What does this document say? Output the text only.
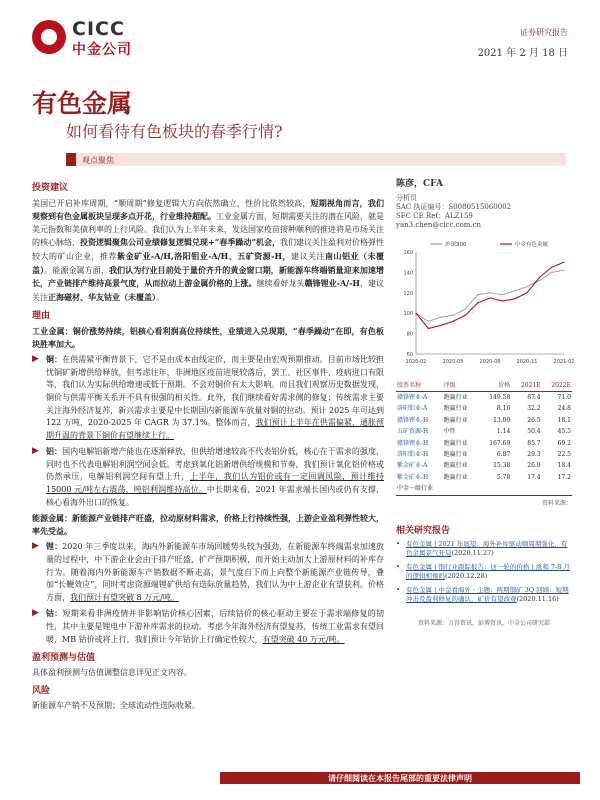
CICC
中金公司
证券研究报告
2021 年 2 月 18 日
有色金属
如何看待有色板块的春季行情?
观点聚焦
投资建议
美国已开启补库周期，“顺周期”修复逻辑大方向依然确立，性价比依然较高，短期视角而言，我们观察到有色金属板块呈现多点开花，行业维持超配。工业金属方面，短期需要关注的潜在风险，就是美元指数和美债利率的上行风险。我们认为上半年未来，发达国家疫苗接种顺利的推进将是市场关注的核心脉络，投资逻辑聚焦公司业绩修复逻辑兑现+“春季躁动”机会，我们建议关注盈利对价格弹性较大的矿山企业，推荐紫金矿业-A/H,洛阳钼业-A/H、五矿资源-H，建议关注南山铝业（未覆盖）。能源金属方面，我们认为行业目前处于量价齐升的黄金窗口期，新能源车终端销量迎来加速增长，产业链排产维持高景气度，从而拉动上游金属价格的上涨。继续看好龙头赣锋锂业-A/-H，建议关注正海磁材、华友钴业（未覆盖）。
理由
工业金属：铜价涨势持续，铝核心看利润高位持续性，业绩进入兑现期，“春季躁动”在即，有色板块胜率加大。
▶ 铜：在供需紧平衡背景下，它不是由成本由线定价，而主要是由宏观预期推动。目前市场比较担忧铜矿新增供给释放，但考虑往年，非洲地区疫苗进展较落后，罢工、社区事件、疫病进口有限等，我们认为实际供给增速或低于预期。不会对铜价有太大影响。而且我们观察历史数据发现，铜价与供需平衡关系并不具有很强的相关性。此外，我们继续看好需求侧的修复；传统需求主要关注海外经济复苏，新兴需求主要是中长期国内新能源车放量对铜的拉动。预计 2025 年可达到 122 万吨，2020-2025 年 CAGR 为 37.1%。整体而言，我们预计上半年在供需偏紧、通胀预期升温的背景下铜价有望继续上行。
▶ 铝：国内电解铝新增产能也在逐渐释放，但供给增速较高不代表铝价低，核心在于需求的强度，同时也不代表电解铝利润空间会低。考虑到氧化铝新增供给规模和节奏，我们预计氧化铝价格或仍然承压，电解铝利润空间有望上升，上半年，我们认为铝价或有一定回调风险，预计维持 15000 元/吨左右震荡，吨铝利润维持高位。中长期来看，2021 年需求端长国内或仍有支撑，核心看海外出口的恢复。
能源金属：新能源产业链排产旺盛，拉动原材料需求，价格上行持续性强，上游企业盈利弹性较大，率先受益。
▶ 锂：2020 年三季度以来，海内外新能源车市场回暖势头较为强劲，在新能源车终端需求加速放量的过程中，中下游企业会由于排产旺盛，扩产预期积极，而开始主动加大上游原材料的补库存行为。随着海内外新能源车产销数据不断走高，景气度自下而上向整个新能源产业链传导，叠加“长鞭效应”，同时考虑资源端锂矿供给有迭际放量趋势，我们认为中上游企业有望获利。价格方面，我们预计有望突破 8 万元/吨。
▶ 钴：短期来看非洲疫情并非影响钴价核心因素，后续钴价的核心驱动主要在于需求端修复的韧性，其中主要是锂电中下游补库需求的拉动。考虑今年海外经济有望复苏，传统工业需求有望回暖，MB 钴价或将上行，我们预计今年钴价上行确定性较大，有望突破 40 万元/吨。
盈利预测与估值
具体盈利预测与估值调整信息详见正文内容。
风险
新能源车产销不及预期；全球流动性迭际收紧。
陈彦，CFA
分析员
SAC 执证编号：S0080515060002
SFC CE Ref：ALZ159
yan3.chen@cicc.com.cn
160
140
120
100
80
60
2020-02	2020-05	2020-08	2020-11	2021-02
沪深300	中金有色金属
股票名称	评级	价格	2021E	2022E
赣锋锂业-A	跑赢行业	149.58	87.4	71.0
洛阳钼业-A	跑赢行业	8.16	32.2	24.8
赣锋锂业-H	跑赢行业	13.00	26.5	18.1
五矿资源-H	中性	1.14	50.4	45.5
赣锋锂业-H	跑赢行业	167.69	85.7	69.2
洛阳钼业-H	跑赢行业	6.87	29.3	22.5
紫金矿业-A	跑赢行业	15.38	26.9	18.4
紫金矿业-H	跑赢行业	5.78	17.4	17.2
中金一级行业				
资料来源：
相关研究报告
• 有色金属 | 2021 年展望：海外补库驱动顺周期强化，有色金属景气开局(2020.11.27)
• 有色金属 | 铜行业跟踪报告：这一轮的价格上涨和 7-8 月的逻辑相像吗(2020.12.28)
• 有色金属 | 中金看海外 · 主题：两期铜矿 3Q 回顾：短期冲击及盈利修复的确认，矿价有望改观(2020.11.16)
资料来源：万得资讯，彭博资讯，中金公司研究部
请仔细阅读在本报告尾部的重要法律声明
